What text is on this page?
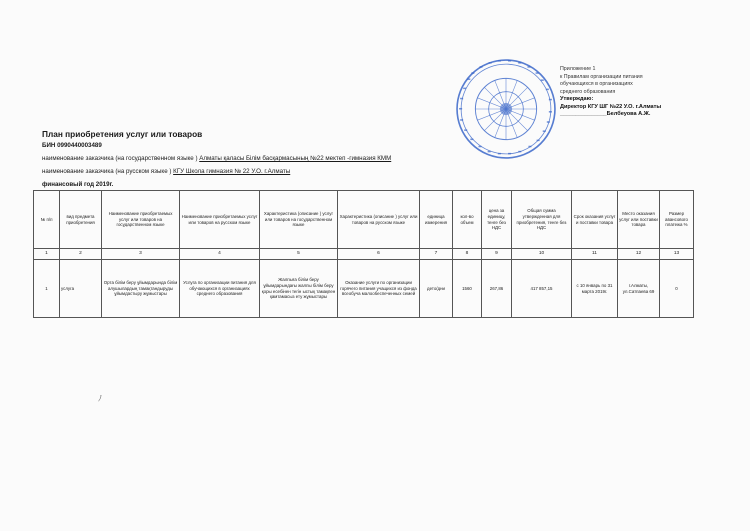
Приложение 1
к Правилам организации питания
обучающихся в организациях
среднего образования
Утверждаю:
Директор КГУ ШГ №22 У.О. г.Алматы
_______________Белбеуова А.Ж.
План приобретения услуг или товаров
БИН 0990440003489
наименование заказчика (на государственном языке ) Алматы қаласы Білім басқармасының №22 мектеп -гимназия КММ
наименование заказчика (на русском языке ) КГУ Школа гимназия № 22 У.О. г.Алматы
финансовый год 2019г.
№ п/п	вид предмета приобретения	Наименование приобретаемых услуг или товаров на государственном языке	Наименование приобретаемых услуг или товаров на русском языке	Характеристика (описание ) услуг или товаров на государственном языке	Характеристика (описание ) услуг или товаров на русском языке	единица измерения	кол-во объем	цена за единицу, тенге без НДС	Общая сумма утвержденная для приобретения, тенге без НДС	Срок оказания услуг и поставки товара	Место оказания услуг или поставки товара	Размер авансового платежа %
1	2	3	4	5	6	7	8	9	10	11	12	13
1	услуга	Орта білім беру ұйымдарында білім алушылардың тамақтандыруды ұйымдастыру жұмыстары	Услуга по организации питания для обучающихся в организациях среднего образования	Жалпыға білім беру ұйымдарындағы жалпы білім беру қоры есебінен тегін ыстық тамақпен қамтамасыз ету жұмыстары	Оказание услуги по организации горячего питания учащихся из фонда всеобуча малообеспеченных семей	дето/дни	1560	267,86	417 857,15	с 10 январь по 31 марта 2019г.	г.Алматы, ул.Сатпаева 69	0
ﾉ
